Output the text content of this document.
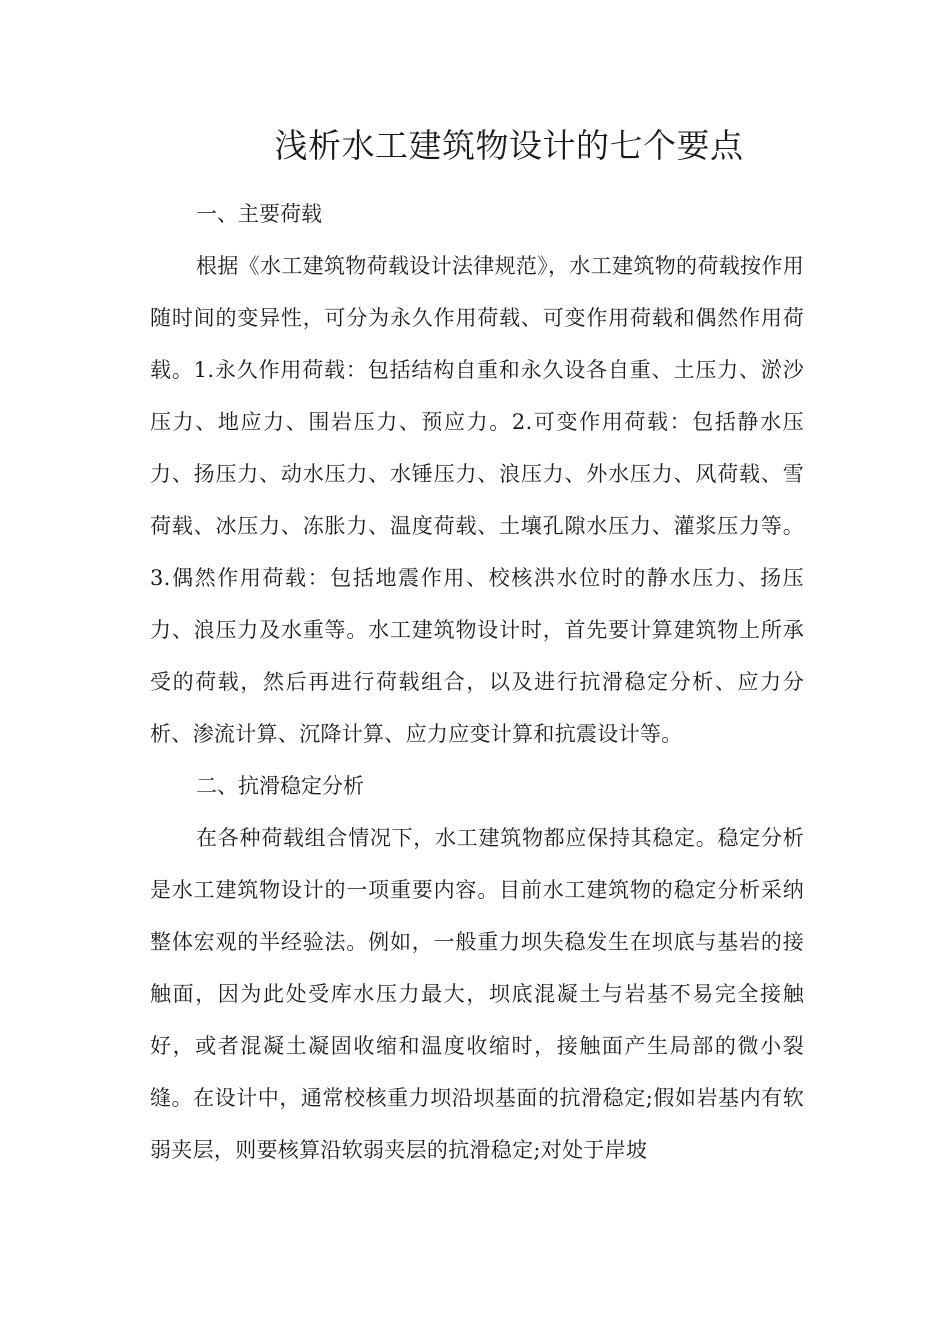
浅析水工建筑物设计的七个要点
一、主要荷载

根据《水工建筑物荷载设计法律规范》，水工建筑物的荷载按作用随时间的变异性，可分为永久作用荷载、可变作用荷载和偶然作用荷载。1.永久作用荷载：包括结构自重和永久设各自重、土压力、淤沙压力、地应力、围岩压力、预应力。2.可变作用荷载：包括静水压力、扬压力、动水压力、水锤压力、浪压力、外水压力、风荷载、雪荷载、冰压力、冻胀力、温度荷载、土壤孔隙水压力、灌浆压力等。3.偶然作用荷载：包括地震作用、校核洪水位时的静水压力、扬压力、浪压力及水重等。水工建筑物设计时，首先要计算建筑物上所承受的荷载，然后再进行荷载组合，以及进行抗滑稳定分析、应力分析、渗流计算、沉降计算、应力应变计算和抗震设计等。

二、抗滑稳定分析

在各种荷载组合情况下，水工建筑物都应保持其稳定。稳定分析是水工建筑物设计的一项重要内容。目前水工建筑物的稳定分析采纳整体宏观的半经验法。例如，一般重力坝失稳发生在坝底与基岩的接触面，因为此处受库水压力最大，坝底混凝土与岩基不易完全接触好，或者混凝土凝固收缩和温度收缩时，接触面产生局部的微小裂缝。在设计中，通常校核重力坝沿坝基面的抗滑稳定;假如岩基内有软弱夹层，则要核算沿软弱夹层的抗滑稳定;对处于岸坡
